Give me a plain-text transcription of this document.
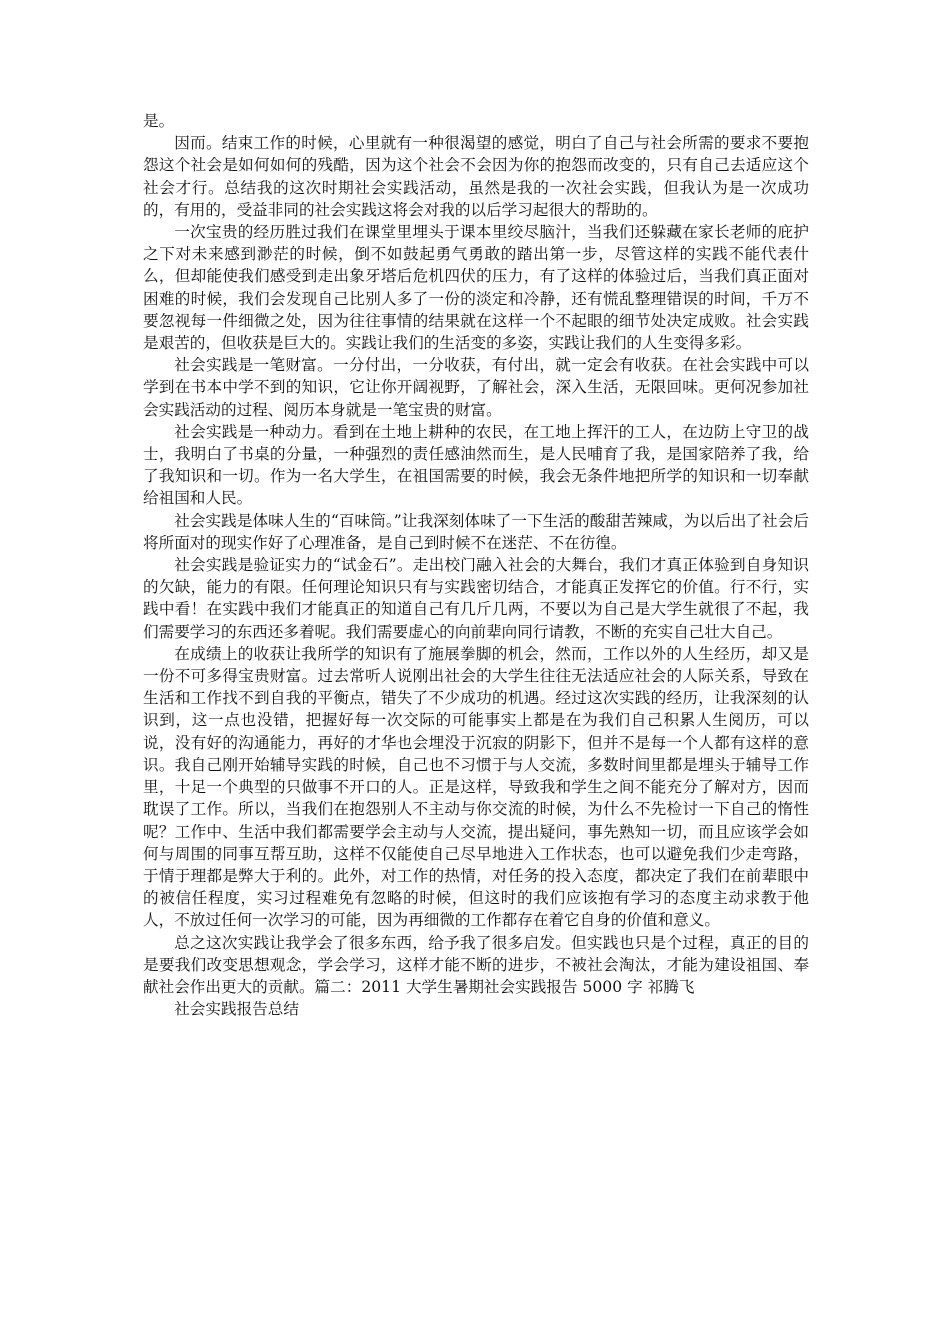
是。

因而。结束工作的时候，心里就有一种很渴望的感觉，明白了自己与社会所需的要求不要抱怨这个社会是如何如何的残酷，因为这个社会不会因为你的抱怨而改变的，只有自己去适应这个社会才行。总结我的这次时期社会实践活动，虽然是我的一次社会实践，但我认为是一次成功的，有用的，受益非同的社会实践这将会对我的以后学习起很大的帮助的。

一次宝贵的经历胜过我们在课堂里埋头于课本里绞尽脑汁，当我们还躲藏在家长老师的庇护之下对未来感到渺茫的时候，倒不如鼓起勇气勇敢的踏出第一步，尽管这样的实践不能代表什么，但却能使我们感受到走出象牙塔后危机四伏的压力，有了这样的体验过后，当我们真正面对困难的时候，我们会发现自己比别人多了一份的淡定和冷静，还有慌乱整理错误的时间，千万不要忽视每一件细微之处，因为往往事情的结果就在这样一个不起眼的细节处决定成败。社会实践是艰苦的，但收获是巨大的。实践让我们的生活变的多姿，实践让我们的人生变得多彩。

社会实践是一笔财富。一分付出，一分收获，有付出，就一定会有收获。在社会实践中可以学到在书本中学不到的知识，它让你开阔视野，了解社会，深入生活，无限回味。更何况参加社会实践活动的过程、阅历本身就是一笔宝贵的财富。

社会实践是一种动力。看到在土地上耕种的农民，在工地上挥汗的工人，在边防上守卫的战士，我明白了书桌的分量，一种强烈的责任感油然而生，是人民哺育了我，是国家陪养了我，给了我知识和一切。作为一名大学生，在祖国需要的时候，我会无条件地把所学的知识和一切奉献给祖国和人民。

社会实践是体味人生的“百味筒。”让我深刻体味了一下生活的酸甜苦辣咸，为以后出了社会后将所面对的现实作好了心理准备，是自己到时候不在迷茫、不在彷徨。

社会实践是验证实力的“试金石”。走出校门融入社会的大舞台，我们才真正体验到自身知识的欠缺，能力的有限。任何理论知识只有与实践密切结合，才能真正发挥它的价值。行不行，实践中看！在实践中我们才能真正的知道自己有几斤几两，不要以为自己是大学生就很了不起，我们需要学习的东西还多着呢。我们需要虚心的向前辈向同行请教，不断的充实自己壮大自己。

在成绩上的收获让我所学的知识有了施展拳脚的机会，然而，工作以外的人生经历，却又是一份不可多得宝贵财富。过去常听人说刚出社会的大学生往往无法适应社会的人际关系，导致在生活和工作找不到自我的平衡点，错失了不少成功的机遇。经过这次实践的经历，让我深刻的认识到，这一点也没错，把握好每一次交际的可能事实上都是在为我们自己积累人生阅历，可以说，没有好的沟通能力，再好的才华也会埋没于沉寂的阴影下，但并不是每一个人都有这样的意识。我自己刚开始辅导实践的时候，自己也不习惯于与人交流，多数时间里都是埋头于辅导工作里，十足一个典型的只做事不开口的人。正是这样，导致我和学生之间不能充分了解对方，因而耽误了工作。所以，当我们在抱怨别人不主动与你交流的时候，为什么不先检讨一下自己的惰性呢？工作中、生活中我们都需要学会主动与人交流，提出疑问，事先熟知一切，而且应该学会如何与周围的同事互帮互助，这样不仅能使自己尽早地进入工作状态，也可以避免我们少走弯路，于情于理都是弊大于利的。此外，对工作的热情，对任务的投入态度，都决定了我们在前辈眼中的被信任程度，实习过程难免有忽略的时候，但这时的我们应该抱有学习的态度主动求教于他人，不放过任何一次学习的可能，因为再细微的工作都存在着它自身的价值和意义。

总之这次实践让我学会了很多东西，给予我了很多启发。但实践也只是个过程，真正的目的是要我们改变思想观念，学会学习，这样才能不断的进步，不被社会淘汰，才能为建设祖国、奉献社会作出更大的贡献。篇二：2011 大学生暑期社会实践报告 5000 字 祁腾飞

社会实践报告总结
